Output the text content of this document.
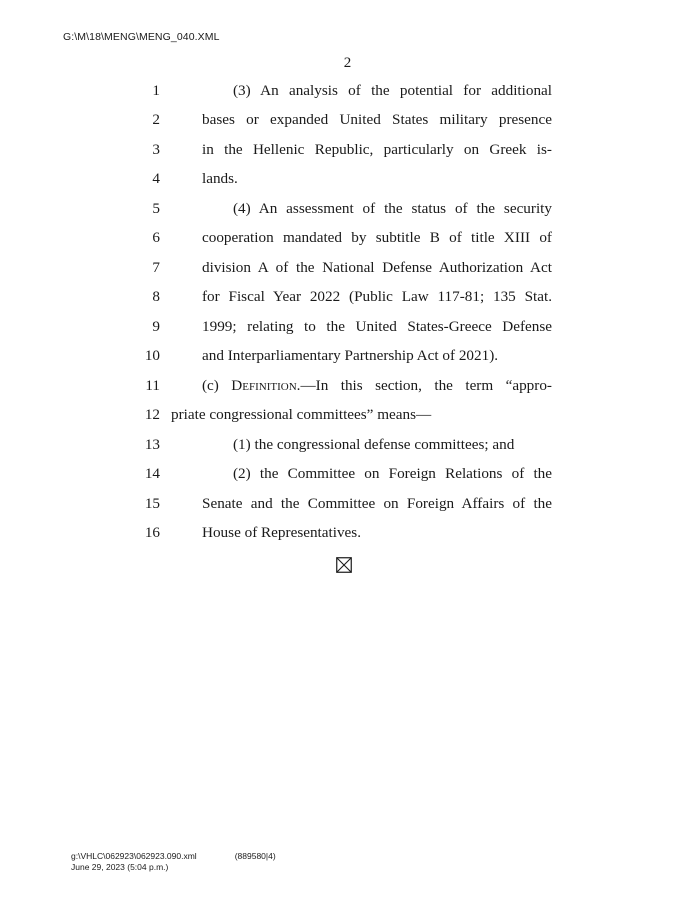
G:\M\18\MENG\MENG_040.XML
2
1	(3) An analysis of the potential for additional
2	bases or expanded United States military presence
3	in the Hellenic Republic, particularly on Greek is-
4	lands.
5	(4) An assessment of the status of the security
6	cooperation mandated by subtitle B of title XIII of
7	division A of the National Defense Authorization Act
8	for Fiscal Year 2022 (Public Law 117-81; 135 Stat.
9	1999; relating to the United States-Greece Defense
10	and Interparliamentary Partnership Act of 2021).
11	(c) Definition.—In this section, the term “appro-
12 priate congressional committees” means—
13	(1) the congressional defense committees; and
14	(2) the Committee on Foreign Relations of the
15	Senate and the Committee on Foreign Affairs of the
16	House of Representatives.
g:\VHLC\062923\062923.090.xml	(889580|4)
June 29, 2023 (5:04 p.m.)
